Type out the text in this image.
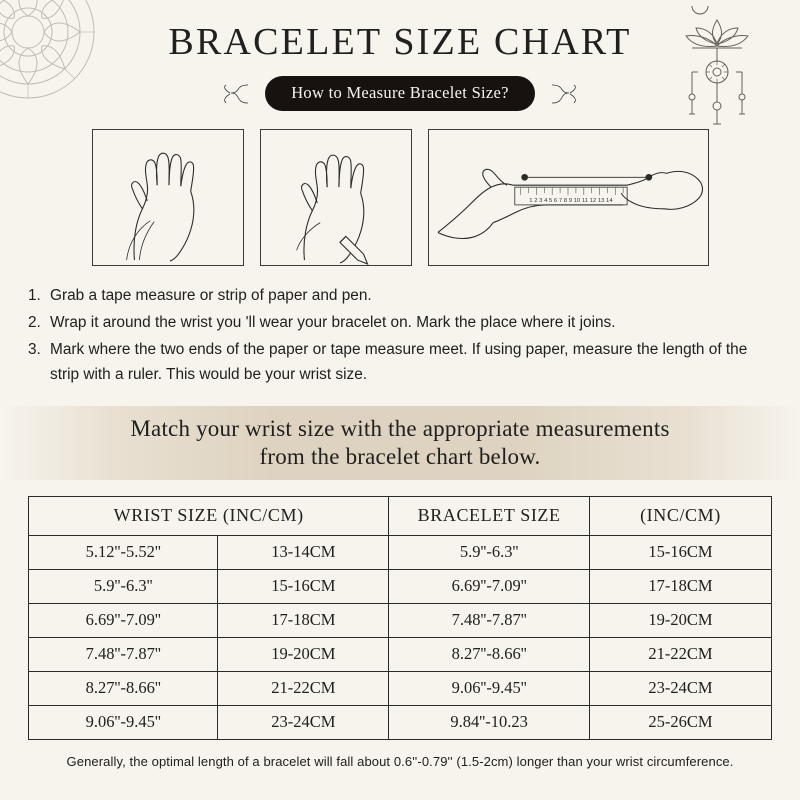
BRACELET SIZE CHART
How to Measure Bracelet Size?
1 2 3 4 5 6 7 8 9 10 11 12 13 14
1. Grab a tape measure or strip of paper and pen.
2. Wrap it around the wrist you 'll wear your bracelet on. Mark the place where it joins.
3. Mark where the two ends of the paper or tape measure meet. If using paper, measure the length of the strip with a ruler. This would be your wrist size.
Match your wrist size with the appropriate measurements
from the bracelet chart below.
WRIST SIZE (INC/CM)		BRACELET SIZE	(INC/CM)
5.12''-5.52''	13-14CM	5.9''-6.3''	15-16CM
5.9''-6.3''	15-16CM	6.69''-7.09''	17-18CM
6.69''-7.09''	17-18CM	7.48''-7.87''	19-20CM
7.48''-7.87''	19-20CM	8.27''-8.66''	21-22CM
8.27''-8.66''	21-22CM	9.06''-9.45''	23-24CM
9.06''-9.45''	23-24CM	9.84''-10.23	25-26CM
Generally, the optimal length of a bracelet will fall about 0.6''-0.79'' (1.5-2cm) longer than your wrist circumference.
